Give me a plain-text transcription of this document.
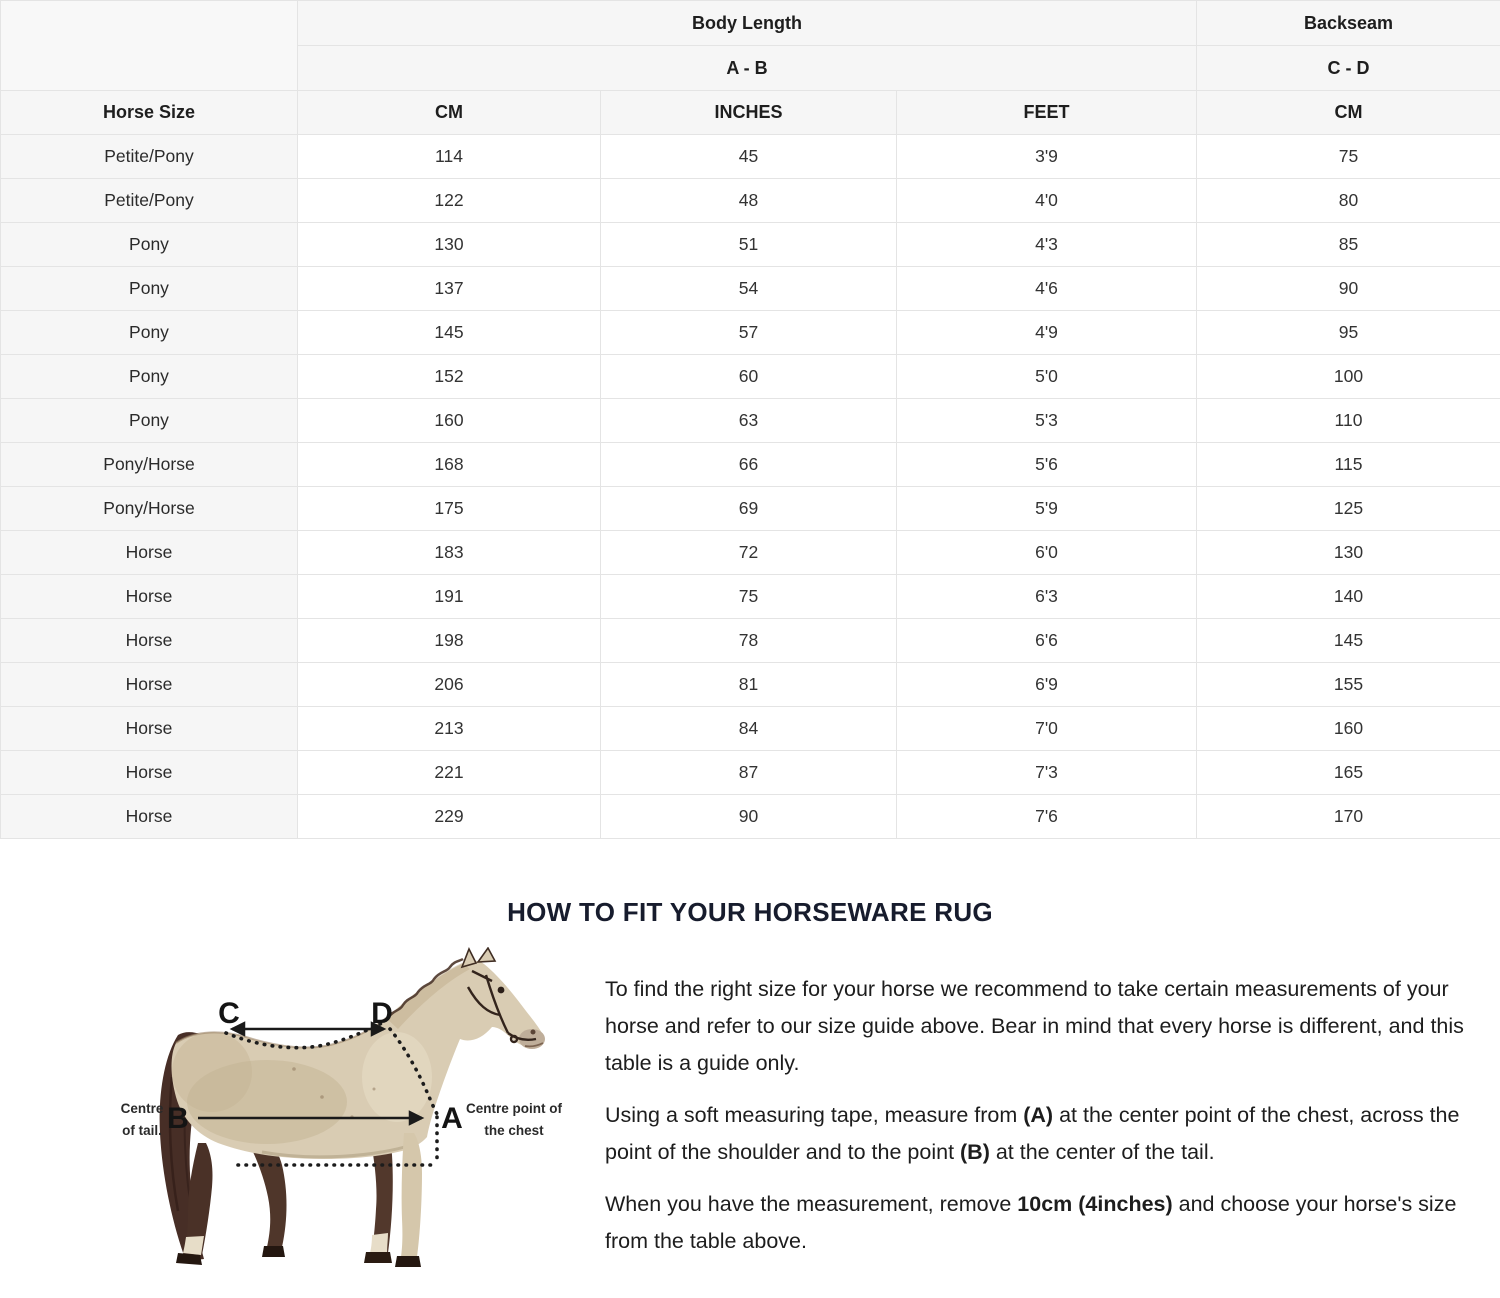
	Body Length			Backseam
	A - B			C - D
Horse Size	CM	INCHES	FEET	CM
Petite/Pony	114	45	3'9	75
Petite/Pony	122	48	4'0	80
Pony	130	51	4'3	85
Pony	137	54	4'6	90
Pony	145	57	4'9	95
Pony	152	60	5'0	100
Pony	160	63	5'3	110
Pony/Horse	168	66	5'6	115
Pony/Horse	175	69	5'9	125
Horse	183	72	6'0	130
Horse	191	75	6'3	140
Horse	198	78	6'6	145
Horse	206	81	6'9	155
Horse	213	84	7'0	160
Horse	221	87	7'3	165
Horse	229	90	7'6	170
HOW TO FIT YOUR HORSEWARE RUG
C	D
B	A
Centre
of tail.
Centre point of
the chest

To find the right size for your horse we recommend to take certain measurements of your horse and refer to our size guide above. Bear in mind that every horse is different, and this table is a guide only.

Using a soft measuring tape, measure from (A) at the center point of the chest, across the point of the shoulder and to the point (B) at the center of the tail.

When you have the measurement, remove 10cm (4inches) and choose your horse's size from the table above.
